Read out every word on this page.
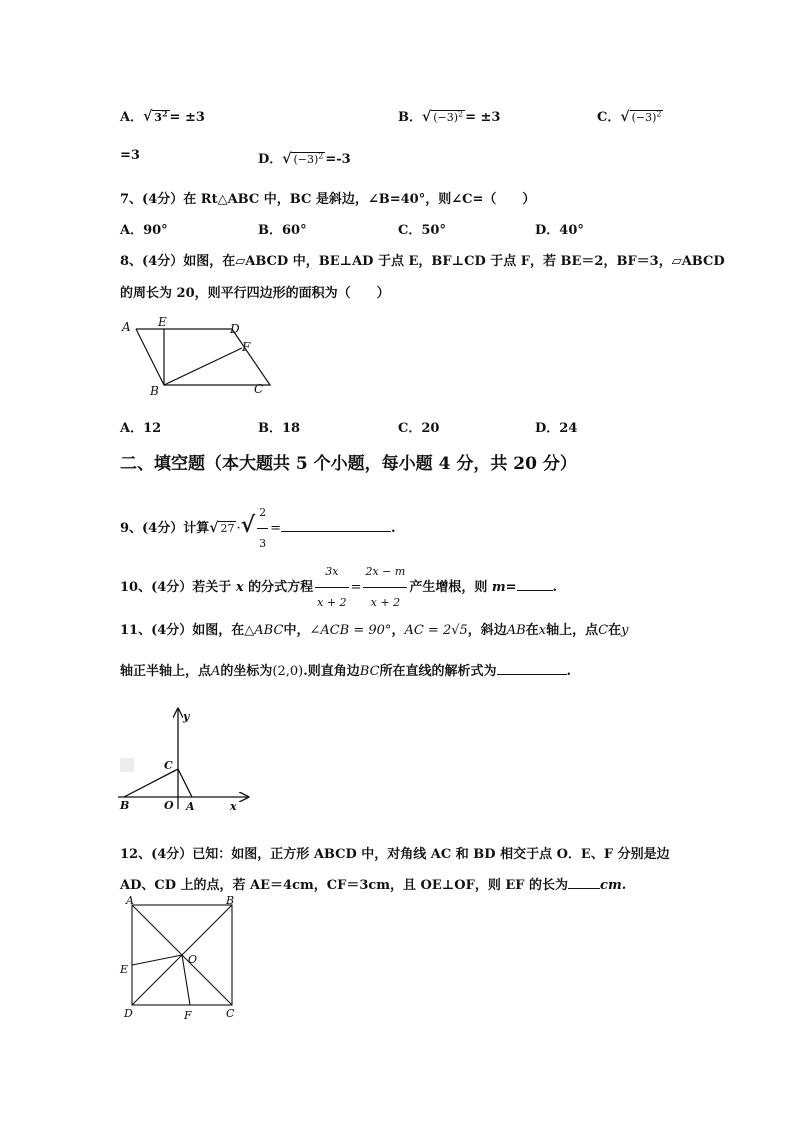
A．√ $3^2 = \pm 3$	B．√ $(-3)^2 = \pm 3$	C．√ $(-3)^2$
=3	D．√ $(-3)^2 =-3$
7、(4分）在 Rt△ABC 中，BC 是斜边，∠B=40°，则∠C=（　　）
A．90°	B．60°	C．50°	D．40°
8、(4分）如图，在▱ABCD 中，BE⊥AD 于点 E，BF⊥CD 于点 F，若 BE＝2，BF＝3，▱ABCD
的周长为 20，则平行四边形的面积为（　　）
A E	D
F
B	C
A．12	B．18	C．20	D．24
二、填空题（本大题共 5 个小题，每小题 4 分，共 20 分）
9、(4分）计算√ 27 ·√ $\frac{2}{3}$ =	.
10、(4分）若关于 x 的分式方程 $\frac{3x}{x + 2} = \frac{2x - m}{x + 2}$ 产生增根，则 m=	.
11、(4分）如图，在△ABC中，∠ACB = 90°，AC = 2√5，斜边AB在x轴上，点C在y
轴正半轴上，点A的坐标为(2,0).则直角边BC所在直线的解析式为	.
y
C
B	O A	x
12、(4分）已知：如图，正方形 ABCD 中，对角线 AC 和 BD 相交于点 O．E、F 分别是边
AD、CD 上的点，若 AE＝4cm，CF＝3cm，且 OE⊥OF，则 EF 的长为 cm.
A	B
E
O
D	F	C
